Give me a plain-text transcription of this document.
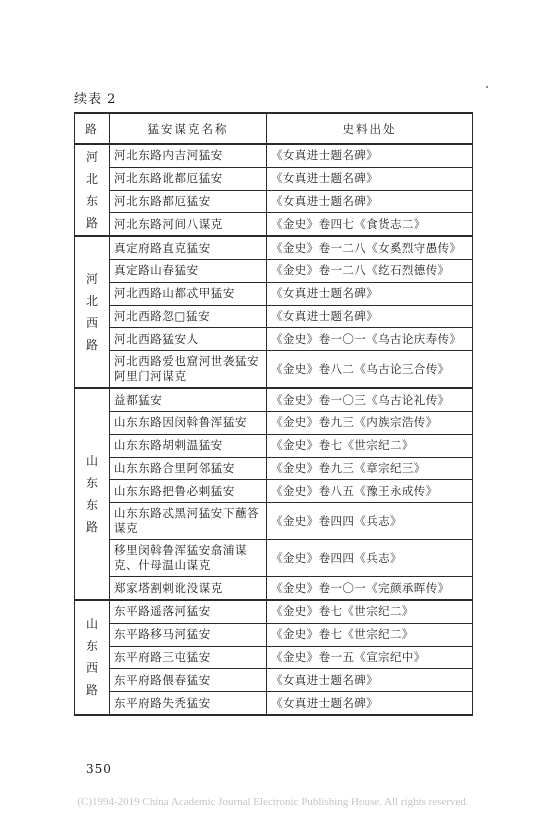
续表 2
路	猛安谋克名称	史料出处
河北东路	河北东路内吉河猛安	《女真进士题名碑》
	河北东路讹都厄猛安	《女真进士题名碑》
	河北东路都厄猛安	《女真进士题名碑》
	河北东路河间八谋克	《金史》卷四七《食货志二》
河北西路	真定府路直克猛安	《金史》卷一二八《女奚烈守愚传》
	真定路山春猛安	《金史》卷一二八《纥石烈德传》
	河北西路山都忒甲猛安	《女真进士题名碑》
	河北西路忽□猛安	《女真进士题名碑》
	河北西路猛安人	《金史》卷一〇一《乌古论庆寿传》
	河北西路爱也窟河世袭猛安阿里门河谋克	《金史》卷八二《乌古论三合传》
山东东路	益都猛安	《金史》卷一〇三《乌古论礼传》
	山东东路因闵斡鲁浑猛安	《金史》卷九三《内族宗浩传》
	山东东路胡剌温猛安	《金史》卷七《世宗纪二》
	山东东路合里阿邻猛安	《金史》卷九三《章宗纪三》
	山东东路把鲁必剌猛安	《金史》卷八五《豫王永成传》
	山东东路忒黑河猛安下蘸答谋克	《金史》卷四四《兵志》
	移里闵斡鲁浑猛安翕浦谋克、什母温山谋克	《金史》卷四四《兵志》
	郑家塔割剌讹没谋克	《金史》卷一〇一《完颜承晖传》
山东西路	东平路遥落河猛安	《金史》卷七《世宗纪二》
	东平路移马河猛安	《金史》卷七《世宗纪二》
	东平府路三屯猛安	《金史》卷一五《宣宗纪中》
	东平府路偎春猛安	《女真进士题名碑》
	东平府路失秃猛安	《女真进士题名碑》
350
(C)1994-2019 China Academic Journal Electronic Publishing House. All rights reserved.
